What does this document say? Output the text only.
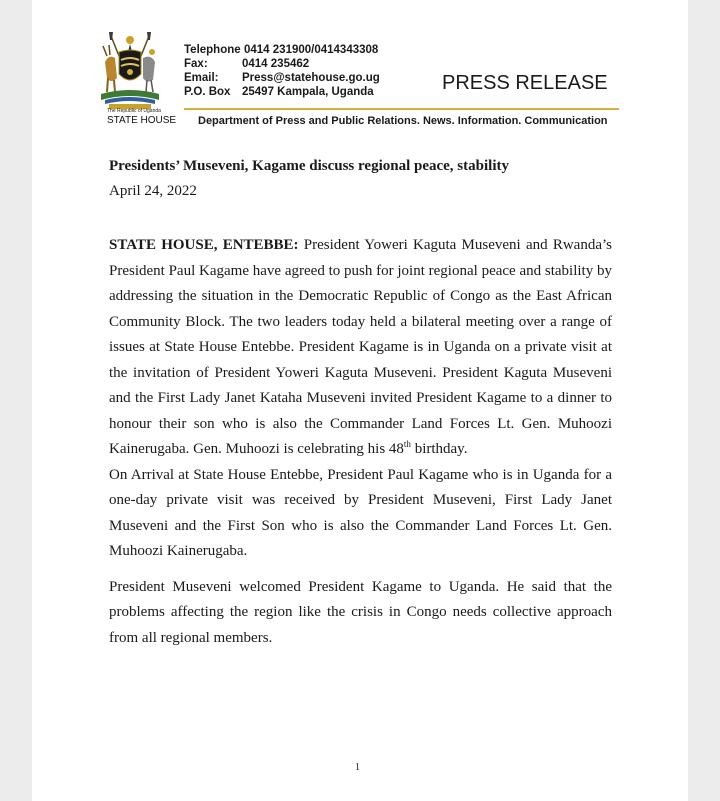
The Republic of Uganda
STATE HOUSE
Telephone 0414 231900/0414343308
Fax:	0414 235462
Email:	Press@statehouse.go.ug
P.O. Box	25497 Kampala, Uganda	PRESS RELEASE
Department of Press and Public Relations. News. Information. Communication
Presidents’ Museveni, Kagame discuss regional peace, stability
April 24, 2022

STATE HOUSE, ENTEBBE: President Yoweri Kaguta Museveni and Rwanda’s President Paul Kagame have agreed to push for joint regional peace and stability by addressing the situation in the Democratic Republic of Congo as the East African Community Block. The two leaders today held a bilateral meeting over a range of issues at State House Entebbe. President Kagame is in Uganda on a private visit at the invitation of President Yoweri Kaguta Museveni. President Kaguta Museveni and the First Lady Janet Kataha Museveni invited President Kagame to a dinner to honour their son who is also the Commander Land Forces Lt. Gen. Muhoozi Kainerugaba. Gen. Muhoozi is celebrating his 48th birthday.

On Arrival at State House Entebbe, President Paul Kagame who is in Uganda for a one-day private visit was received by President Museveni, First Lady Janet Museveni and the First Son who is also the Commander Land Forces Lt. Gen. Muhoozi Kainerugaba.

President Museveni welcomed President Kagame to Uganda. He said that the problems affecting the region like the crisis in Congo needs collective approach from all regional members.

1
